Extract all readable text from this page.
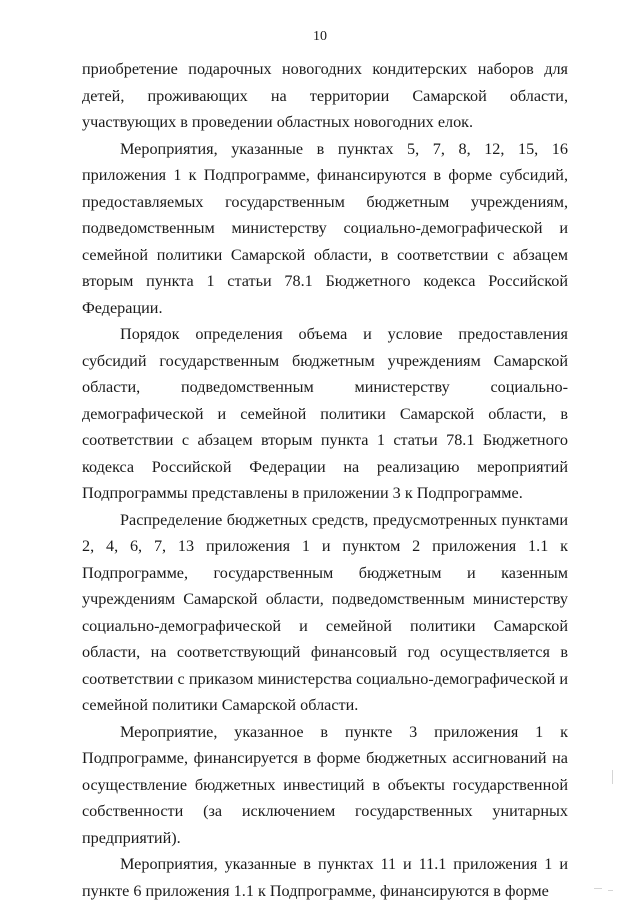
10

приобретение подарочных новогодних кондитерских наборов для детей, проживающих на территории Самарской области, участвующих в проведении областных новогодних елок.

Мероприятия, указанные в пунктах 5, 7, 8, 12, 15, 16 приложения 1 к Подпрограмме, финансируются в форме субсидий, предоставляемых государственным бюджетным учреждениям, подведомственным министерству социально-демографической и семейной политики Самарской области, в соответствии с абзацем вторым пункта 1 статьи 78.1 Бюджетного кодекса Российской Федерации.

Порядок определения объема и условие предоставления субсидий государственным бюджетным учреждениям Самарской области, подведомственным министерству социально-демографической и семейной политики Самарской области, в соответствии с абзацем вторым пункта 1 статьи 78.1 Бюджетного кодекса Российской Федерации на реализацию мероприятий Подпрограммы представлены в приложении 3 к Подпрограмме.

Распределение бюджетных средств, предусмотренных пунктами 2, 4, 6, 7, 13 приложения 1 и пунктом 2 приложения 1.1 к Подпрограмме, государственным бюджетным и казенным учреждениям Самарской области, подведомственным министерству социально-демографической и семейной политики Самарской области, на соответствующий финансовый год осуществляется в соответствии с приказом министерства социально-демографической и семейной политики Самарской области.

Мероприятие, указанное в пункте 3 приложения 1 к Подпрограмме, финансируется в форме бюджетных ассигнований на осуществление бюджетных инвестиций в объекты государственной собственности (за исключением государственных унитарных предприятий).

Мероприятия, указанные в пунктах 11 и 11.1 приложения 1 и пункте 6 приложения 1.1 к Подпрограмме, финансируются в форме
